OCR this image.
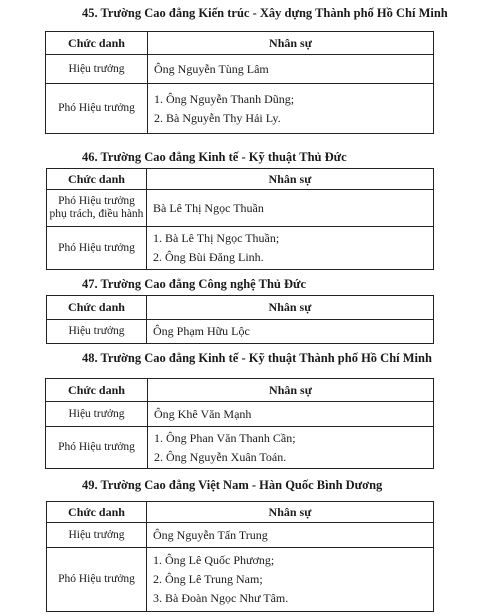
45. Trường Cao đẳng Kiến trúc - Xây dựng Thành phố Hồ Chí Minh
Chức danh	Nhân sự
Hiệu trưởng	Ông Nguyễn Tùng Lâm

Phó Hiệu trưởng	1. Ông Nguyễn Thanh Dũng;
2. Bà Nguyễn Thy Hải Ly.
46. Trường Cao đẳng Kinh tế - Kỹ thuật Thủ Đức
Chức danh	Nhân sự

Phó Hiệu trưởng
phụ trách, điều hành	Bà Lê Thị Ngọc Thuần

Phó Hiệu trưởng	1. Bà Lê Thị Ngọc Thuần;
2. Ông Bùi Đăng Linh.
47. Trường Cao đẳng Công nghệ Thủ Đức
Chức danh	Nhân sự
Hiệu trưởng	Ông Phạm Hữu Lộc
48. Trường Cao đẳng Kinh tế - Kỹ thuật Thành phố Hồ Chí Minh
Chức danh	Nhân sự
Hiệu trưởng	Ông Khê Văn Mạnh

Phó Hiệu trưởng	1. Ông Phan Văn Thanh Cần;
2. Ông Nguyễn Xuân Toán.
49. Trường Cao đẳng Việt Nam - Hàn Quốc Bình Dương
Chức danh	Nhân sự
Hiệu trưởng	Ông Nguyễn Tấn Trung

Phó Hiệu trưởng	1. Ông Lê Quốc Phương;
2. Ông Lê Trung Nam;
3. Bà Đoàn Ngọc Như Tâm.
